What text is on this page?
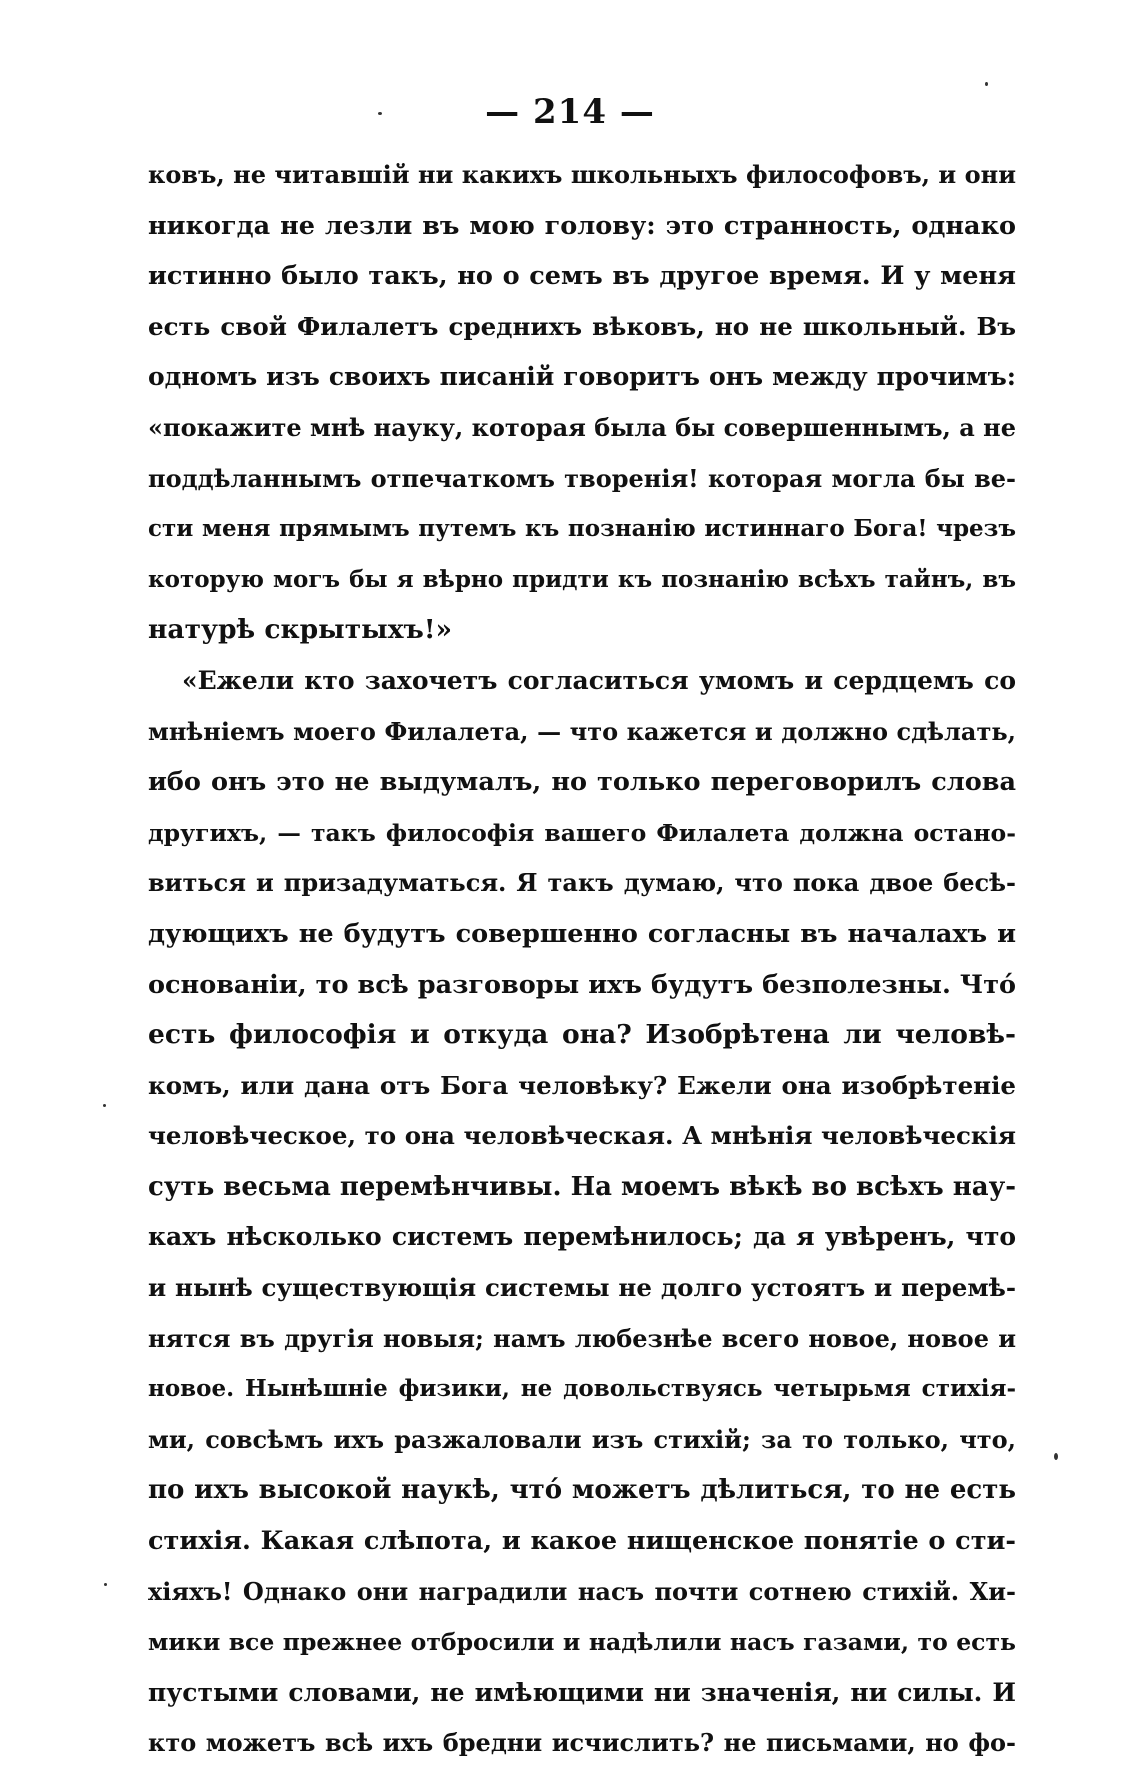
— 214 —
ковъ, не читавшій ни какихъ школьныхъ философовъ, и они
никогда не лезли въ мою голову: это странность, однако
истинно было такъ, но о семъ въ другое время. И у меня
есть свой Филалетъ среднихъ вѣковъ, но не школьный. Въ
одномъ изъ своихъ писаній говоритъ онъ между прочимъ:
«покажите мнѣ науку, которая была бы совершеннымъ, а не
поддѣланнымъ отпечаткомъ творенія! которая могла бы ве-
сти меня прямымъ путемъ къ познанію истиннаго Бога! чрезъ
которую могъ бы я вѣрно придти къ познанію всѣхъ тайнъ, въ
натурѣ скрытыхъ!»
«Ежели кто захочетъ согласиться умомъ и сердцемъ со
мнѣніемъ моего Филалета, — что кажется и должно сдѣлать,
ибо онъ это не выдумалъ, но только переговорилъ слова
другихъ, — такъ философія вашего Филалета должна остано-
виться и призадуматься. Я такъ думаю, что пока двое бесѣ-
дующихъ не будутъ совершенно согласны въ началахъ и
основаніи, то всѣ разговоры ихъ будутъ безполезны. Что́
есть философія и откуда она? Изобрѣтена ли человѣ-
комъ, или дана отъ Бога человѣку? Ежели она изобрѣтеніе
человѣческое, то она человѣческая. А мнѣнія человѣческія
суть весьма перемѣнчивы. На моемъ вѣкѣ во всѣхъ нау-
кахъ нѣсколько системъ перемѣнилось; да я увѣренъ, что
и нынѣ существующія системы не долго устоятъ и перемѣ-
нятся въ другія новыя; намъ любезнѣе всего новое, новое и
новое. Нынѣшніе физики, не довольствуясь четырьмя стихія-
ми, совсѣмъ ихъ разжаловали изъ стихій; за то только, что,
по ихъ высокой наукѣ, что́ можетъ дѣлиться, то не есть
стихія. Какая слѣпота, и какое нищенское понятіе о сти-
хіяхъ! Однако они наградили насъ почти сотнею стихій. Хи-
мики все прежнее отбросили и надѣлили насъ газами, то есть
пустыми словами, не имѣющими ни значенія, ни силы. И
кто можетъ всѣ ихъ бредни исчислить? не письмами, но фо-
